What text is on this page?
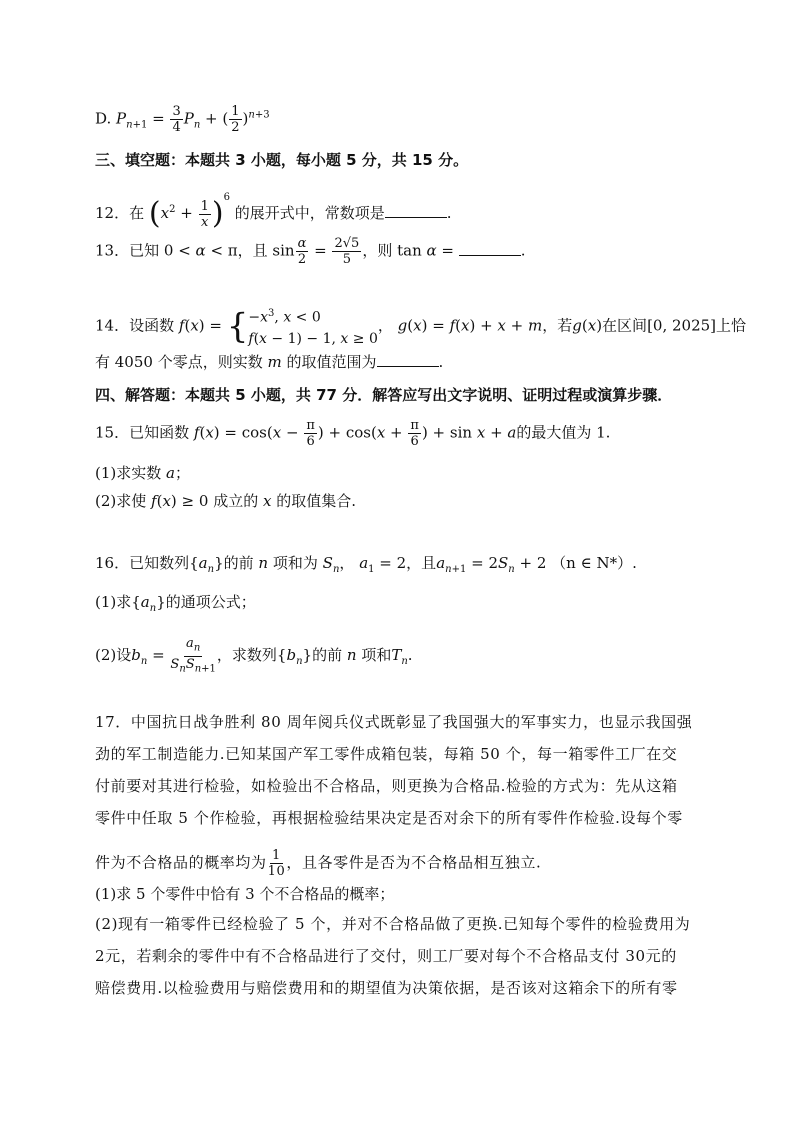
D. $P_{n+1} = \frac{3}{4} P_n$ + ( $\frac{1}{2} )^{n+3}$
三、填空题：本题共 3 小题，每小题 5 分，共 15 分。
12．在 $(x^2 + \frac{1}{x} )^6$ 的展开式中，常数项是	.
13．已知 0 < α < π，且 $\sin \frac{\alpha}{2} = \frac{2√5}{5}$ ，则 tan α =	.
14．设函数 f(x) = { $-x^3$, x < 0
f(x − 1) − 1, x ≥ 0
， g(x) = f(x) + x + m，若g(x)在区间[0, 2025]上恰
有 4050 个零点，则实数 m 的取值范围为	.
四、解答题：本题共 5 小题，共 77 分．解答应写出文字说明、证明过程或演算步骤．
15．已知函数 $f(x) = \cos(x - \frac{\pi}{6}$ ) + $\cos(x + \frac{\pi}{6}$ ) + sin x + a的最大值为 1.
(1)求实数 a；
(2)求使 f(x) ≥ 0 成立的 x 的取值集合.
16．已知数列$\{a_n\}$的前 n 项和为 $S_n$， $a_1 = 2$，且$a_{n+1} = 2S_n + 2$ （n ∈ N*）.
(1)求$\{a_n\}$的通项公式；
(2)设$b_n = \frac{a_n}{S_nS_{n+1}}$ ，求数列$\{b_n\}$的前 n 项和$T_n$.
17．中国抗日战争胜利 80 周年阅兵仪式既彰显了我国强大的军事实力，也显示我国强
劲的军工制造能力.已知某国产军工零件成箱包装，每箱 50 个，每一箱零件工厂在交
付前要对其进行检验，如检验出不合格品，则更换为合格品.检验的方式为：先从这箱
零件中任取 5 个作检验，再根据检验结果决定是否对余下的所有零件作检验.设每个零
件为不合格品的概率均为 $\frac{1}{10}$ ，且各零件是否为不合格品相互独立.
(1)求 5 个零件中恰有 3 个不合格品的概率；
(2)现有一箱零件已经检验了 5 个，并对不合格品做了更换.已知每个零件的检验费用为
2元，若剩余的零件中有不合格品进行了交付，则工厂要对每个不合格品支付 30元的
赔偿费用.以检验费用与赔偿费用和的期望值为决策依据，是否该对这箱余下的所有零
